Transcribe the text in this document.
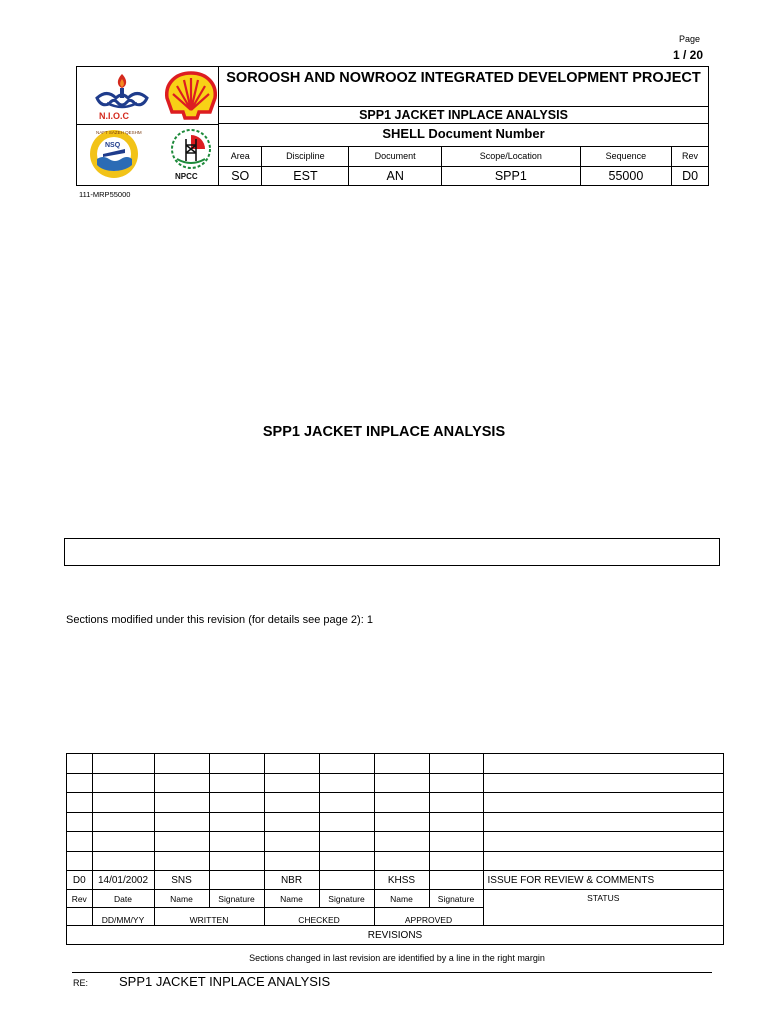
Page
1 / 20
N.I.O.C
NSQ
NAFT SAZEH QESHM
NPCC
SOROOSH AND NOWROOZ INTEGRATED DEVELOPMENT PROJECT
SPP1 JACKET INPLACE ANALYSIS
SHELL Document Number
Area	Discipline	Document	Scope/Location	Sequence	Rev
SO	EST	AN	SPP1	55000	D0
111-MRP55000
SPP1 JACKET INPLACE ANALYSIS
Sections modified under this revision (for details see page 2): 1

D0	14/01/2002	SNS		NBR		KHSS		ISSUE FOR REVIEW & COMMENTS
Rev	Date	Name	Signature	Name	Signature	Name	Signature	STATUS
	DD/MM/YY	WRITTEN		CHECKED		APPROVED		
REVISIONS								
Sections changed in last revision are identified by a line in the right margin
RE: SPP1 JACKET INPLACE ANALYSIS
